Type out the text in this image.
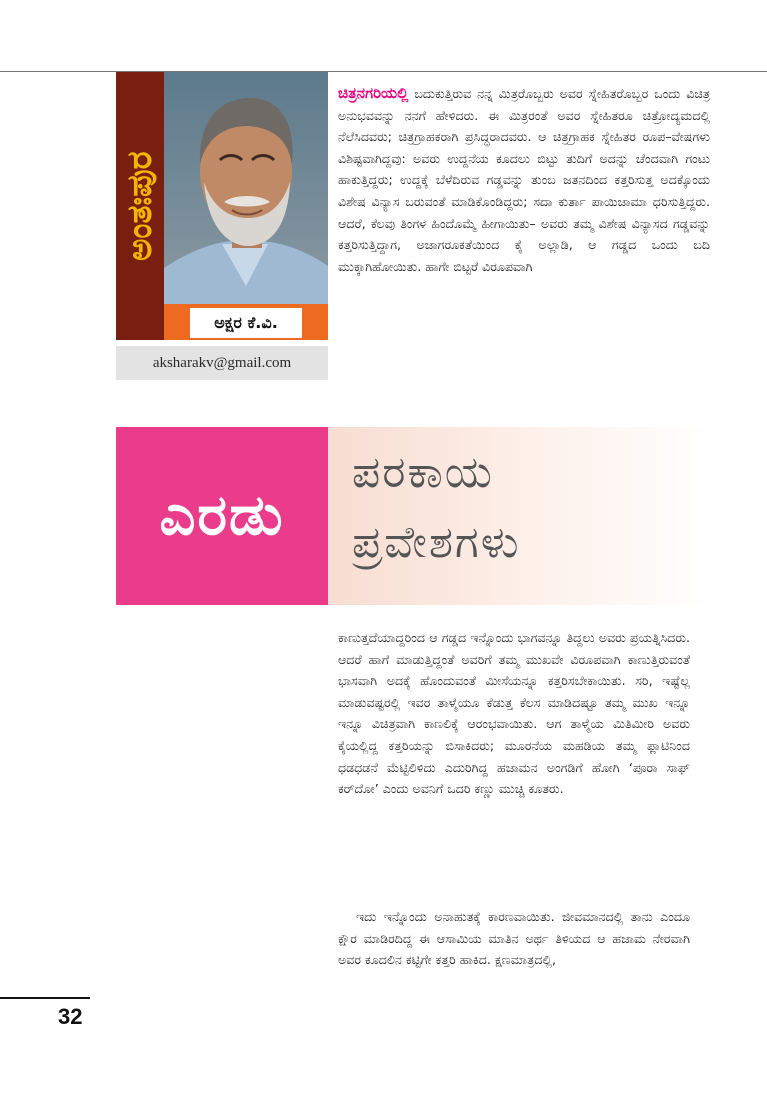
ಅಂತಃಪುರ
ಅಕ್ಷರ ಕೆ.ವಿ.
aksharakv@gmail.com

ಚಿತ್ರನಗರಿಯಲ್ಲಿ ಬದುಕುತ್ತಿರುವ ನನ್ನ ಮಿತ್ರರೊಬ್ಬರು ಅವರ ಸ್ನೇಹಿತರೊಬ್ಬರ ಒಂದು ವಿಚಿತ್ರ ಅನುಭವವನ್ನು ನನಗೆ ಹೇಳಿದರು. ಈ ಮಿತ್ರರಂತೆ ಅವರ ಸ್ನೇಹಿತರೂ ಚಿತ್ರೋದ್ಯಮದಲ್ಲಿ ನೆಲೆಸಿದವರು; ಚಿತ್ರಗ್ರಾಹಕರಾಗಿ ಪ್ರಸಿದ್ಧರಾದವರು. ಆ ಚಿತ್ರಗ್ರಾಹಕ ಸ್ನೇಹಿತರ ರೂಪ–ವೇಷಗಳು ವಿಶಿಷ್ಟವಾಗಿದ್ದವು: ಅವರು ಉದ್ದನೆಯ ಕೂದಲು ಬಿಟ್ಟು ತುದಿಗೆ ಅದನ್ನು ಚೆಂದವಾಗಿ ಗಂಟು ಹಾಕುತ್ತಿದ್ದರು; ಉದ್ದಕ್ಕೆ ಬೆಳೆದಿರುವ ಗಡ್ಡವನ್ನು ತುಂಬ ಜತನದಿಂದ ಕತ್ತರಿಸುತ್ತ ಅದಕ್ಕೊಂದು ವಿಶೇಷ ವಿನ್ಯಾಸ ಬರುವಂತೆ ಮಾಡಿಕೊಂಡಿದ್ದರು; ಸದಾ ಕುರ್ತಾ ಪಾಯಿಜಾಮಾ ಧರಿಸುತ್ತಿದ್ದರು. ಆದರೆ, ಕೆಲವು ತಿಂಗಳ ಹಿಂದೊಮ್ಮೆ ಹೀಗಾಯಿತು– ಅವರು ತಮ್ಮ ವಿಶೇಷ ವಿನ್ಯಾಸದ ಗಡ್ಡವನ್ನು ಕತ್ತರಿಸುತ್ತಿದ್ದಾಗ, ಅಜಾಗರೂಕತೆಯಿಂದ ಕೈ ಅಲ್ಲಾಡಿ, ಆ ಗಡ್ಡದ ಒಂದು ಬದಿ ಮುಕ್ಕಾಗಿಹೋಯಿತು. ಹಾಗೇ ಬಿಟ್ಟರೆ ವಿರೂಪವಾಗಿ

ಎರಡು
ಪರಕಾಯ
ಪ್ರವೇಶಗಳು

ಕಾಣುತ್ತದೆಯಾದ್ದರಿಂದ ಆ ಗಡ್ಡದ ಇನ್ನೊಂದು ಭಾಗವನ್ನೂ ತಿದ್ದಲು ಅವರು ಪ್ರಯತ್ನಿಸಿದರು. ಆದರೆ ಹಾಗೆ ಮಾಡುತ್ತಿದ್ದಂತೆ ಅವರಿಗೆ ತಮ್ಮ ಮುಖವೇ ವಿರೂಪವಾಗಿ ಕಾಣುತ್ತಿರುವಂತೆ ಭಾಸವಾಗಿ ಅದಕ್ಕೆ ಹೊಂದುವಂತೆ ಮೀಸೆಯನ್ನೂ ಕತ್ತರಿಸಬೇಕಾಯಿತು. ಸರಿ, ಇಷ್ಟೆಲ್ಲ ಮಾಡುವಷ್ಟರಲ್ಲಿ ಇವರ ತಾಳ್ಮೆಯೂ ಕೆಡುತ್ತ ಕೆಲಸ ಮಾಡಿದಷ್ಟೂ ತಮ್ಮ ಮುಖ ಇನ್ನೂ ಇನ್ನೂ ವಿಚಿತ್ರವಾಗಿ ಕಾಣಲಿಕ್ಕೆ ಆರಂಭವಾಯಿತು. ಆಗ ತಾಳ್ಮೆಯ ಮಿತಿಮೀರಿ ಅವರು ಕೈಯಲ್ಲಿದ್ದ ಕತ್ತರಿಯನ್ನು ಬಿಸಾಕಿದರು; ಮೂರನೆಯ ಮಹಡಿಯ ತಮ್ಮ ಫ್ಲಾಟಿನಿಂದ ಧಡಧಡನೆ ಮೆಟ್ಟಿಲಿಳಿದು ಎದುರಿಗಿದ್ದ ಹಜಾಮನ ಅಂಗಡಿಗೆ ಹೋಗಿ ‘ಪೂರಾ ಸಾಫ್ ಕರ್‌ದೋ’ ಎಂದು ಅವನಿಗೆ ಒದರಿ ಕಣ್ಣು ಮುಚ್ಚಿ ಕೂತರು.

ಇದು ಇನ್ನೊಂದು ಅನಾಹುತಕ್ಕೆ ಕಾರಣವಾಯಿತು. ಜೀವಮಾನದಲ್ಲಿ ತಾನು ಎಂದೂ ಕ್ಷೌರ ಮಾಡಿರದಿದ್ದ ಈ ಆಸಾಮಿಯ ಮಾತಿನ ಅರ್ಥ ತಿಳಿಯದ ಆ ಹಜಾಮ ನೇರವಾಗಿ ಅವರ ಕೂದಲಿನ ಕಟ್ಟಿಗೇ ಕತ್ತರಿ ಹಾಕಿದ. ಕ್ಷಣಮಾತ್ರದಲ್ಲಿ,

32
